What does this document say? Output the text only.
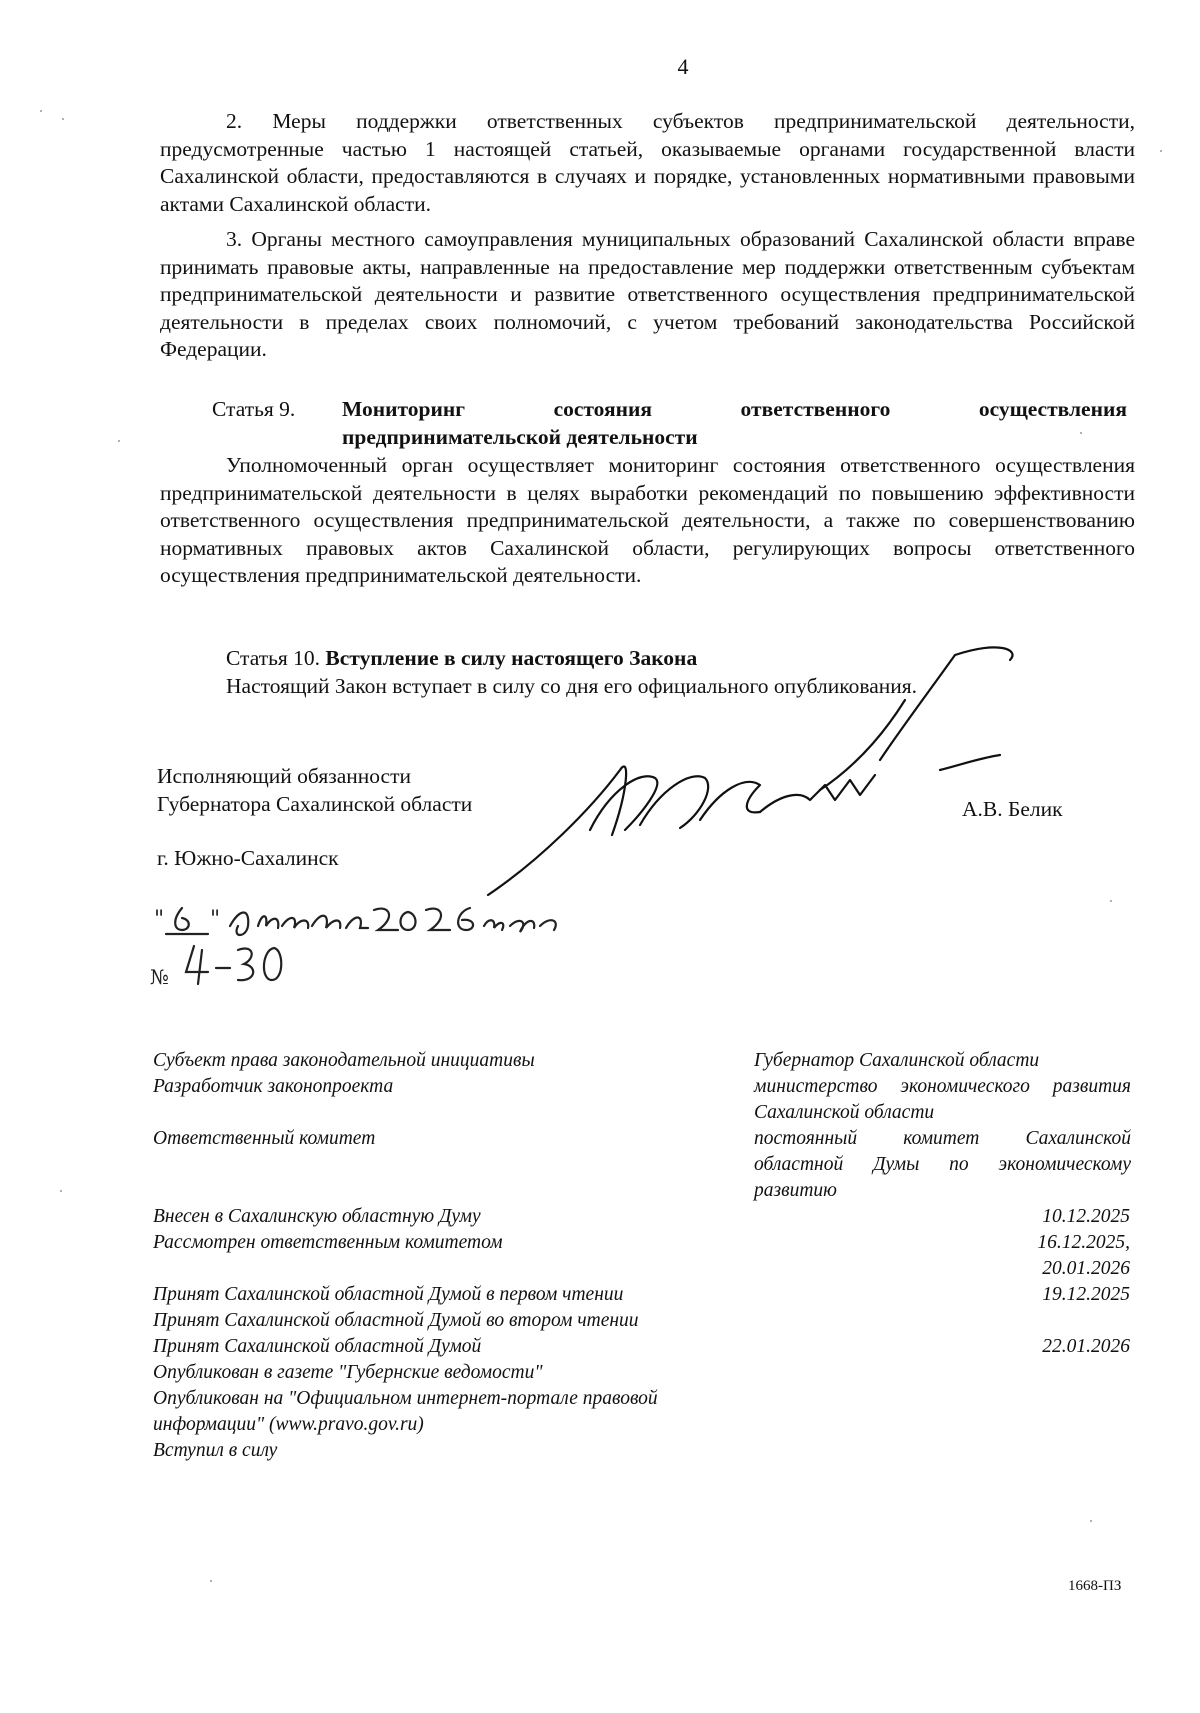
4

2. Меры поддержки ответственных субъектов предпринимательской деятельности, предусмотренные частью 1 настоящей статьей, оказываемые органами государственной власти Сахалинской области, предоставляются в случаях и порядке, установленных нормативными правовыми актами Сахалинской области.

3. Органы местного самоуправления муниципальных образований Сахалинской области вправе принимать правовые акты, направленные на предоставление мер поддержки ответственным субъектам предпринимательской деятельности и развитие ответственного осуществления предпринимательской деятельности в пределах своих полномочий, с учетом требований законодательства Российской Федерации.

Статья 9. Мониторинг состояния ответственного осуществления
предпринимательской деятельности

Уполномоченный орган осуществляет мониторинг состояния ответственного осуществления предпринимательской деятельности в целях выработки рекомендаций по повышению эффективности ответственного осуществления предпринимательской деятельности, а также по совершенствованию нормативных правовых актов Сахалинской области, регулирующих вопросы ответственного осуществления предпринимательской деятельности.

Статья 10. Вступление в силу настоящего Закона
Настоящий Закон вступает в силу со дня его официального опубликования.
Исполняющий обязанности
Губернатора Сахалинской области	А.В. Белик
г. Южно-Сахалинск
" "
№
Субъект права законодательной инициативы
Разработчик законопроекта
Ответственный комитет
Губернатор Сахалинской области
министерство экономического развития Сахалинской области
постоянный комитет Сахалинской областной Думы по экономическому развитию
Внесен в Сахалинскую областную Думу
Рассмотрен ответственным комитетом
Принят Сахалинской областной Думой в первом чтении
Принят Сахалинской областной Думой во втором чтении
Принят Сахалинской областной Думой
Опубликован в газете "Губернские ведомости"
Опубликован на "Официальном интернет-портале правовой
информации" (www.pravo.gov.ru)
Вступил в силу
10.12.2025
16.12.2025,
20.01.2026
19.12.2025
22.01.2026
1668-ПЗ
